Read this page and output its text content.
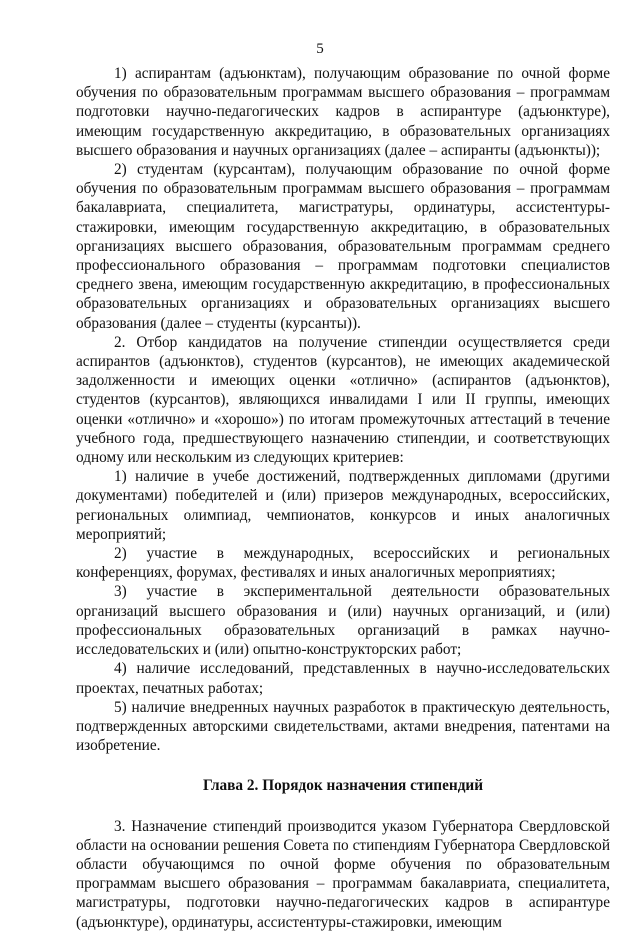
5

1) аспирантам (адъюнктам), получающим образование по очной форме обучения по образовательным программам высшего образования – программам подготовки научно-педагогических кадров в аспирантуре (адъюнктуре), имеющим государственную аккредитацию, в образовательных организациях высшего образования и научных организациях (далее – аспиранты (адъюнкты));

2) студентам (курсантам), получающим образование по очной форме обучения по образовательным программам высшего образования – программам бакалавриата, специалитета, магистратуры, ординатуры, ассистентуры-стажировки, имеющим государственную аккредитацию, в образовательных организациях высшего образования, образовательным программам среднего профессионального образования – программам подготовки специалистов среднего звена, имеющим государственную аккредитацию, в профессиональных образовательных организациях и образовательных организациях высшего образования (далее – студенты (курсанты)).

2. Отбор кандидатов на получение стипендии осуществляется среди аспирантов (адъюнктов), студентов (курсантов), не имеющих академической задолженности и имеющих оценки «отлично» (аспирантов (адъюнктов), студентов (курсантов), являющихся инвалидами I или II группы, имеющих оценки «отлично» и «хорошо») по итогам промежуточных аттестаций в течение учебного года, предшествующего назначению стипендии, и соответствующих одному или нескольким из следующих критериев:

1) наличие в учебе достижений, подтвержденных дипломами (другими документами) победителей и (или) призеров международных, всероссийских, региональных олимпиад, чемпионатов, конкурсов и иных аналогичных мероприятий;

2) участие в международных, всероссийских и региональных конференциях, форумах, фестивалях и иных аналогичных мероприятиях;

3) участие в экспериментальной деятельности образовательных организаций высшего образования и (или) научных организаций, и (или) профессиональных образовательных организаций в рамках научно-исследовательских и (или) опытно-конструкторских работ;

4) наличие исследований, представленных в научно-исследовательских проектах, печатных работах;

5) наличие внедренных научных разработок в практическую деятельность, подтвержденных авторскими свидетельствами, актами внедрения, патентами на изобретение.

Глава 2. Порядок назначения стипендий

3. Назначение стипендий производится указом Губернатора Свердловской области на основании решения Совета по стипендиям Губернатора Свердловской области обучающимся по очной форме обучения по образовательным программам высшего образования – программам бакалавриата, специалитета, магистратуры, подготовки научно-педагогических кадров в аспирантуре (адъюнктуре), ординатуры, ассистентуры-стажировки, имеющим
